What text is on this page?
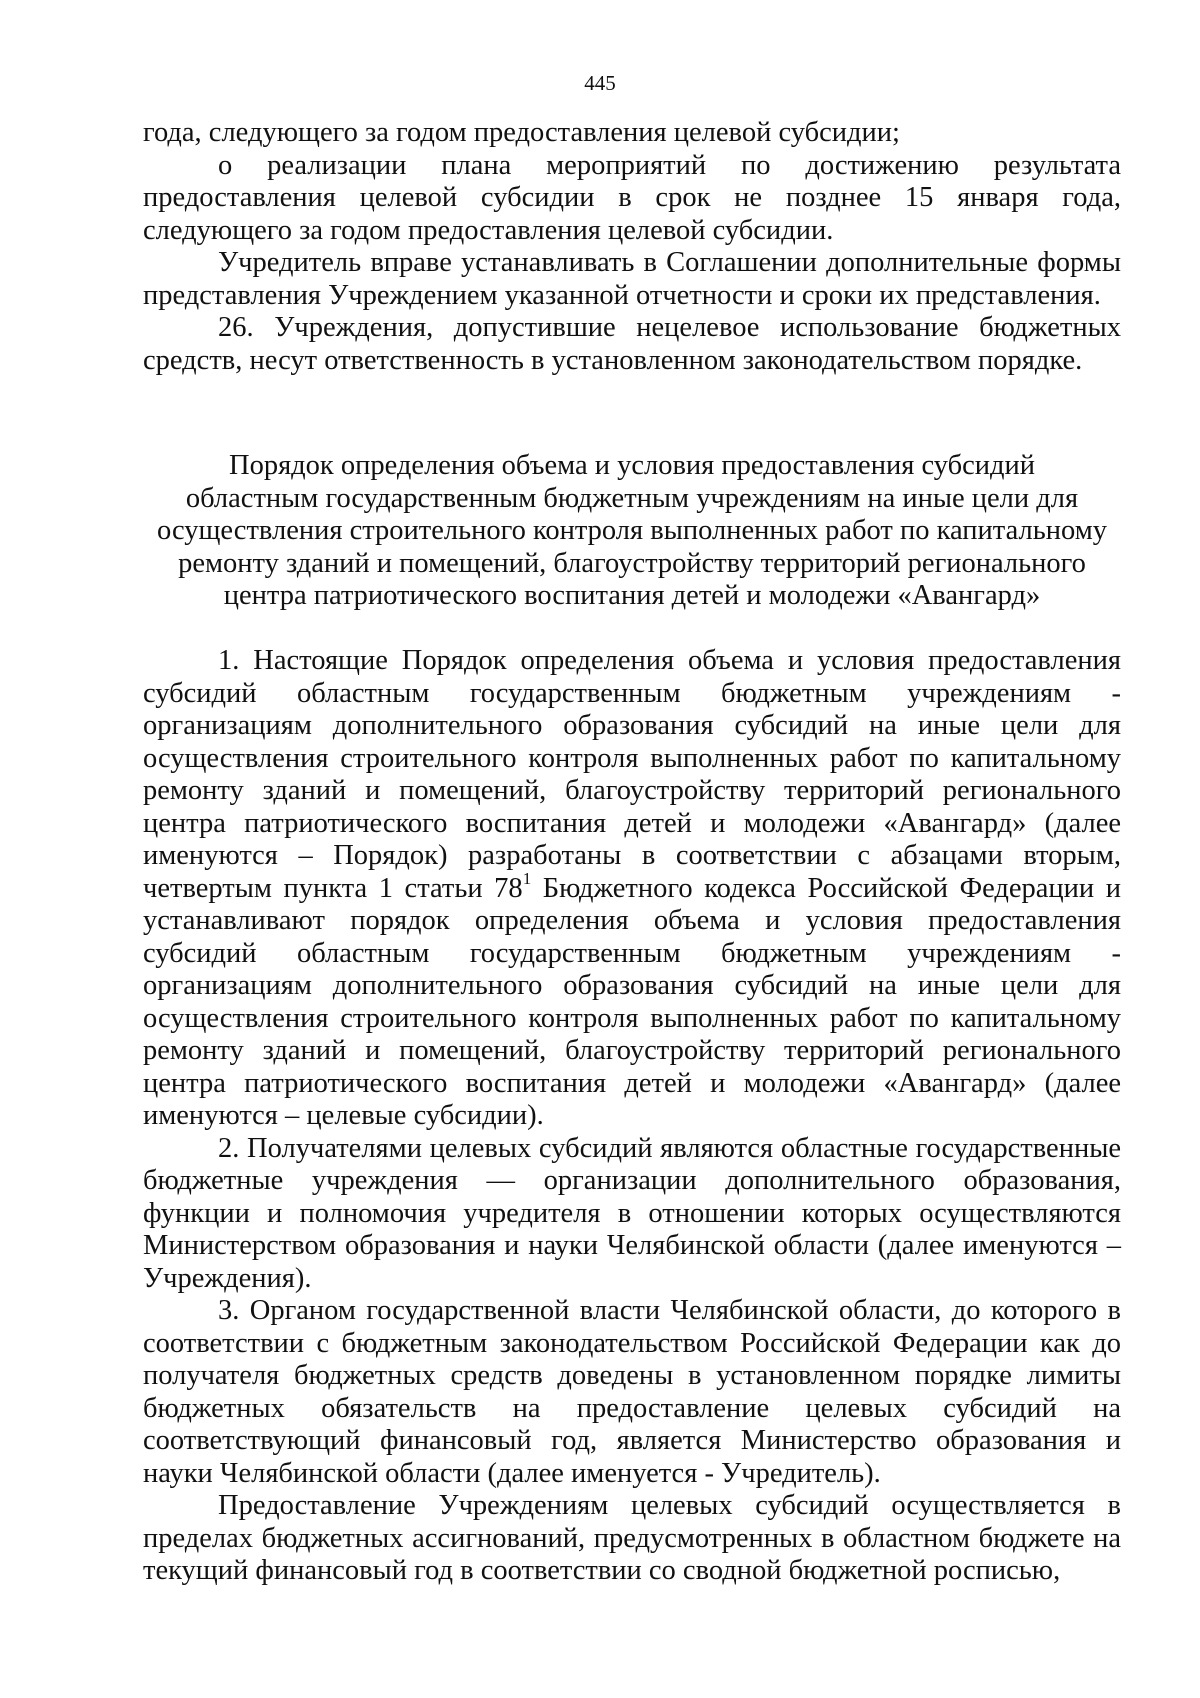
445

года, следующего за годом предоставления целевой субсидии;

о реализации плана мероприятий по достижению результата предоставления целевой субсидии в срок не позднее 15 января года, следующего за годом предоставления целевой субсидии.

Учредитель вправе устанавливать в Соглашении дополнительные формы представления Учреждением указанной отчетности и сроки их представления.

26. Учреждения, допустившие нецелевое использование бюджетных средств, несут ответственность в установленном законодательством порядке.

Порядок определения объема и условия предоставления субсидий

областным государственным бюджетным учреждениям на иные цели для

осуществления строительного контроля выполненных работ по капитальному

ремонту зданий и помещений, благоустройству территорий регионального

центра патриотического воспитания детей и молодежи «Авангард»

1. Настоящие Порядок определения объема и условия предоставления субсидий областным государственным бюджетным учреждениям - организациям дополнительного образования субсидий на иные цели для осуществления строительного контроля выполненных работ по капитальному ремонту зданий и помещений, благоустройству территорий регионального центра патриотического воспитания детей и молодежи «Авангард» (далее именуются – Порядок) разработаны в соответствии с абзацами вторым, четвертым пункта 1 статьи $78^1$ Бюджетного кодекса Российской Федерации и устанавливают порядок определения объема и условия предоставления субсидий областным государственным бюджетным учреждениям - организациям дополнительного образования субсидий на иные цели для осуществления строительного контроля выполненных работ по капитальному ремонту зданий и помещений, благоустройству территорий регионального центра патриотического воспитания детей и молодежи «Авангард» (далее именуются – целевые субсидии).

2. Получателями целевых субсидий являются областные государственные бюджетные учреждения — организации дополнительного образования, функции и полномочия учредителя в отношении которых осуществляются Министерством образования и науки Челябинской области (далее именуются – Учреждения).

3. Органом государственной власти Челябинской области, до которого в соответствии с бюджетным законодательством Российской Федерации как до получателя бюджетных средств доведены в установленном порядке лимиты бюджетных обязательств на предоставление целевых субсидий на соответствующий финансовый год, является Министерство образования и науки Челябинской области (далее именуется - Учредитель).

Предоставление Учреждениям целевых субсидий осуществляется в пределах бюджетных ассигнований, предусмотренных в областном бюджете на текущий финансовый год в соответствии со сводной бюджетной росписью,
